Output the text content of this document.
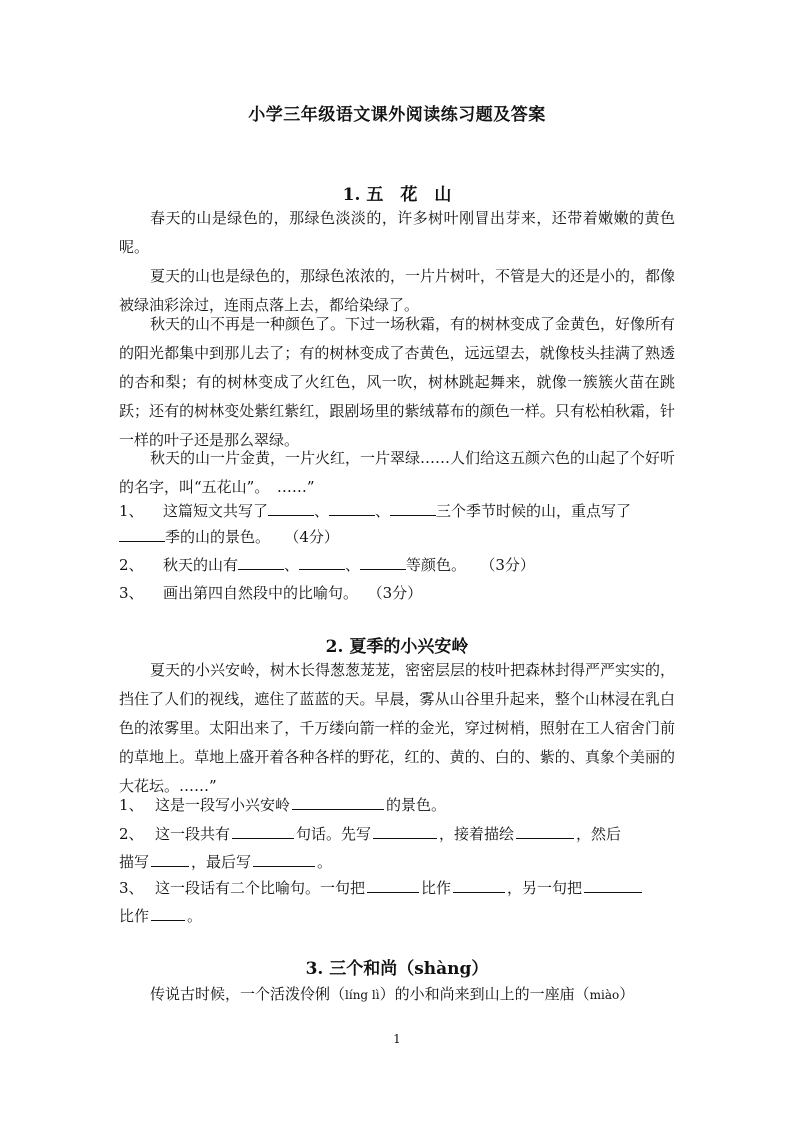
小学三年级语文课外阅读练习题及答案
1. 五　花　山

春天的山是绿色的，那绿色淡淡的，许多树叶刚冒出芽来，还带着嫩嫩的黄色呢。

夏天的山也是绿色的，那绿色浓浓的，一片片树叶，不管是大的还是小的，都像被绿油彩涂过，连雨点落上去，都给染绿了。

秋天的山不再是一种颜色了。下过一场秋霜，有的树林变成了金黄色，好像所有的阳光都集中到那儿去了；有的树林变成了杏黄色，远远望去，就像枝头挂满了熟透的杏和梨；有的树林变成了火红色，风一吹，树林跳起舞来，就像一簇簇火苗在跳跃；还有的树林变处紫红紫红，跟剧场里的紫绒幕布的颜色一样。只有松柏秋霜，针一样的叶子还是那么翠绿。

秋天的山一片金黄，一片火红，一片翠绿……人们给这五颜六色的山起了个好听的名字，叫“五花山”。　……”

1、 这篇短文共写了	、	、	三个季节时候的山，重点写了
季的山的景色。 （4分）
2、 秋天的山有	、	、	等颜色。 （3分）
3、 画出第四自然段中的比喻句。 （3分）
2. 夏季的小兴安岭

夏天的小兴安岭，树木长得葱葱茏茏，密密层层的枝叶把森林封得严严实实的，挡住了人们的视线，遮住了蓝蓝的天。早晨，雾从山谷里升起来，整个山林浸在乳白色的浓雾里。太阳出来了，千万缕向箭一样的金光，穿过树梢，照射在工人宿舍门前的草地上。草地上盛开着各种各样的野花，红的、黄的、白的、紫的、真象个美丽的大花坛。……”

1、 这是一段写小兴安岭	的景色。
2、 这一段共有	句话。先写	，接着描绘	，然后
描写	，最后写	。
3、 这一段话有二个比喻句。一句把	比作	，另一句把
比作	。
3. 三个和尚（shàng）

传说古时候，一个活泼伶俐（líng lì）的小和尚来到山上的一座庙（miào）

1
